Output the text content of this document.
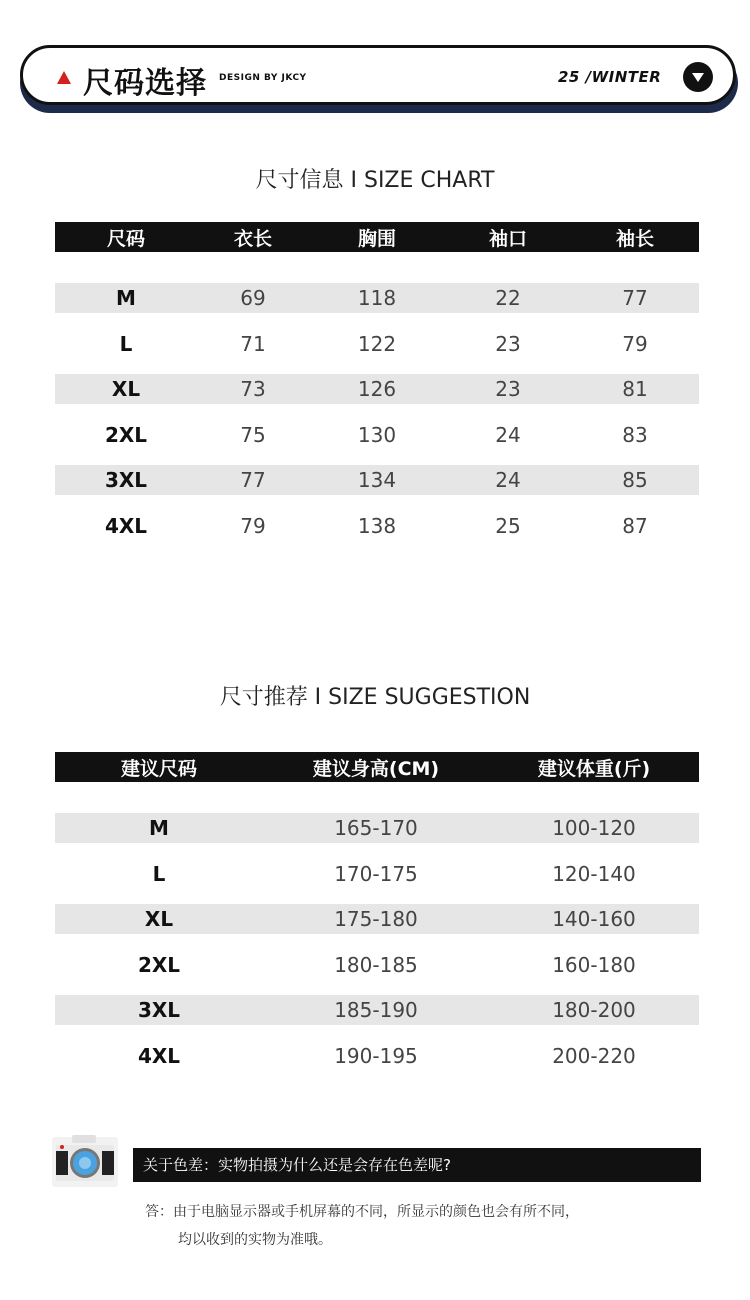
尺码选择 DESIGN BY JKCY	25 /WINTER
尺寸信息 I SIZE CHART
尺码	衣长	胸围	袖口	袖长
M	69	118	22	77
L	71	122	23	79
XL	73	126	23	81
2XL	75	130	24	83
3XL	77	134	24	85
4XL	79	138	25	87
尺寸推荐 I SIZE SUGGESTION
建议尺码	建议身高(CM)	建议体重(斤)
M	165-170	100-120
L	170-175	120-140
XL	175-180	140-160
2XL	180-185	160-180
3XL	185-190	180-200
4XL	190-195	200-220
关于色差：实物拍摄为什么还是会存在色差呢?
答：由于电脑显示器或手机屏幕的不同，所显示的颜色也会有所不同，
均以收到的实物为准哦。
